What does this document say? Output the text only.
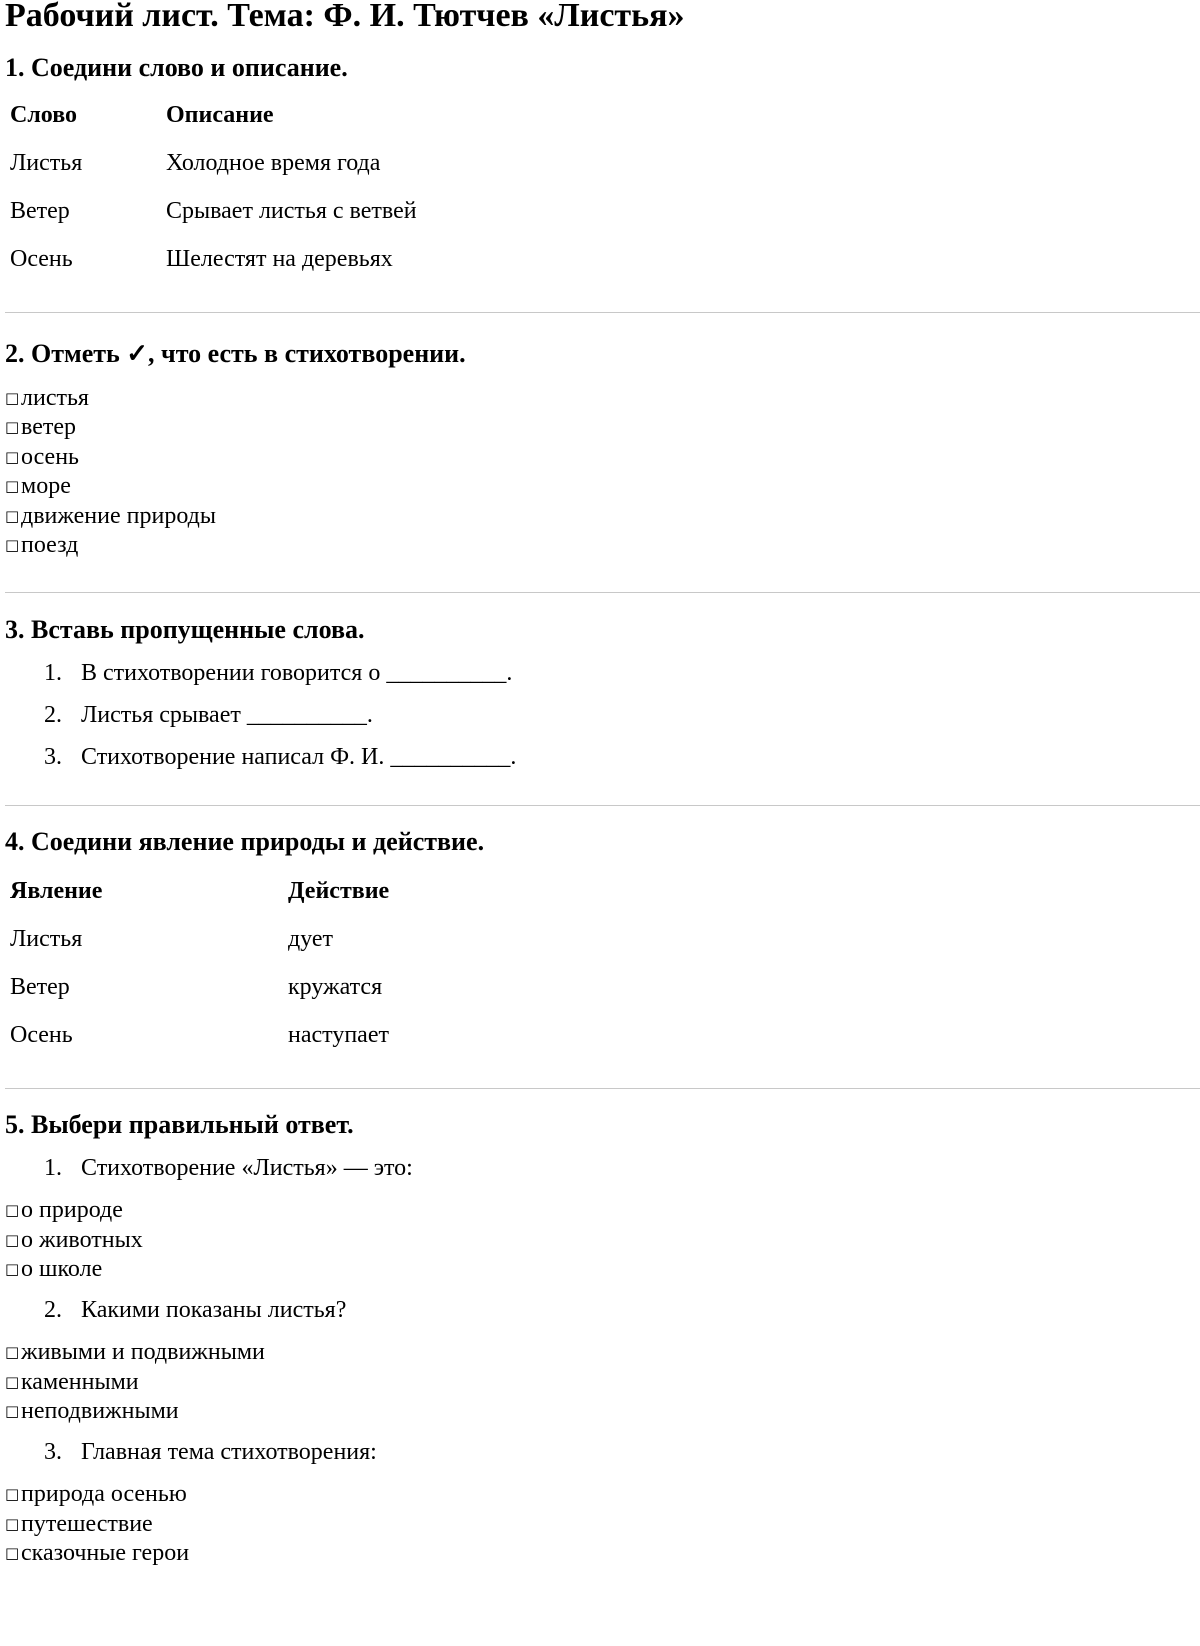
Рабочий лист. Тема: Ф. И. Тютчев «Листья»
1. Соедини слово и описание.
Слово	Описание
Листья	Холодное время года
Ветер	Срывает листья с ветвей
Осень	Шелестят на деревьях
2. Отметь ✓, что есть в стихотворении.
□листья
□ветер
□осень
□море
□движение природы
□поезд
3. Вставь пропущенные слова.
1. В стихотворении говорится о __________.
2. Листья срывает __________.
3. Стихотворение написал Ф. И. __________.
4. Соедини явление природы и действие.
Явление	Действие
Листья	дует
Ветер	кружатся
Осень	наступает
5. Выбери правильный ответ.
1. Стихотворение «Листья» — это:
□о природе
□о животных
□о школе
2. Какими показаны листья?
□живыми и подвижными
□каменными
□неподвижными
3. Главная тема стихотворения:
□природа осенью
□путешествие
□сказочные герои
